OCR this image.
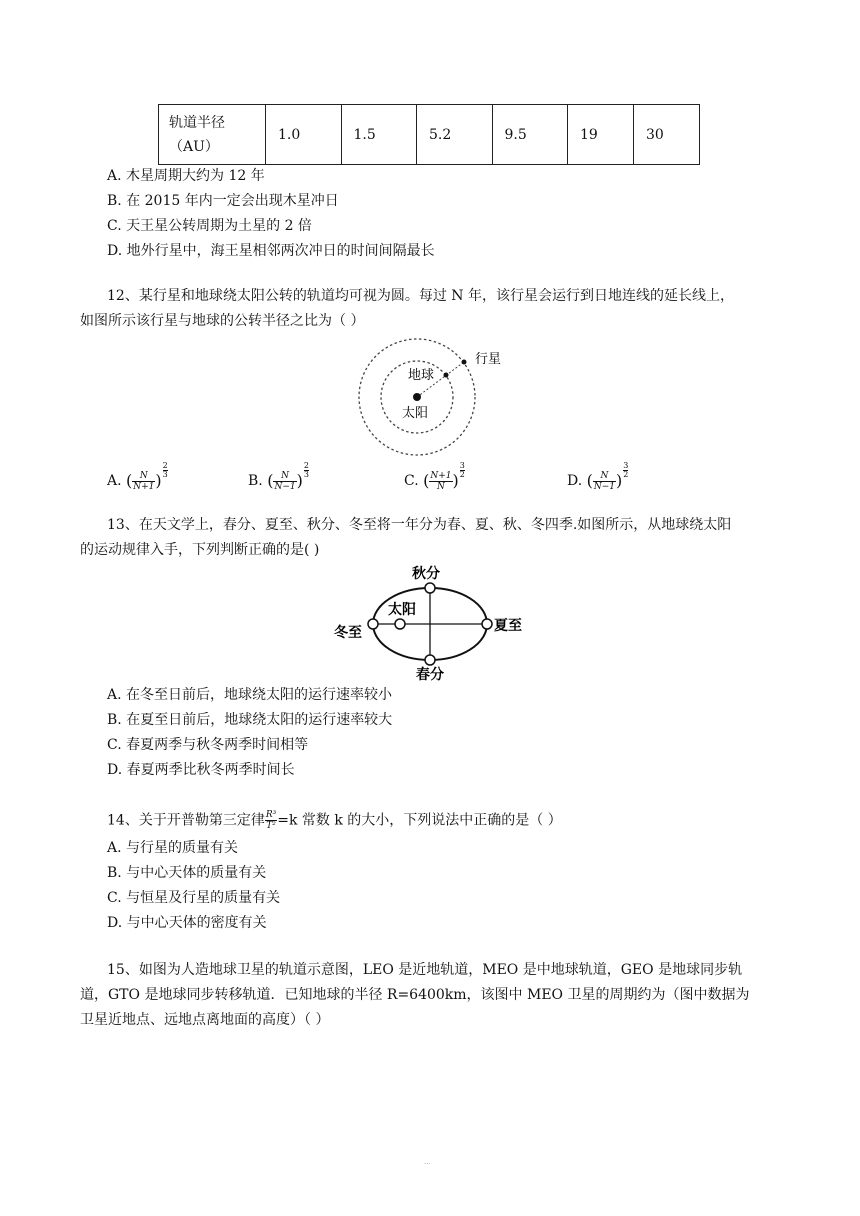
轨道半径（AU）	1.0	1.5	5.2	9.5	19	30
A. 木星周期大约为 12 年
B. 在 2015 年内一定会出现木星冲日
C. 天王星公转周期为土星的 2 倍
D. 地外行星中，海王星相邻两次冲日的时间间隔最长
12、某行星和地球绕太阳公转的轨道均可视为圆。每过 N 年，该行星会运行到日地连线的延长线上，
如图所示该行星与地球的公转半径之比为（ ）
行星
地球
太阳
A. ( $\frac{N}{N+1}$ )
$\frac{2}{3}$
B. ( $\frac{N}{N-1}$ )
$\frac{2}{3}$
C. ( $\frac{N+1}{N}$ )
$\frac{3}{2}$
D. ( $\frac{N}{N-1}$ )
$\frac{3}{2}$
13、在天文学上，春分、夏至、秋分、冬至将一年分为春、夏、秋、冬四季.如图所示，从地球绕太阳
的运动规律入手，下列判断正确的是( )
秋分
太阳
冬至	夏至
春分
A. 在冬至日前后，地球绕太阳的运行速率较小
B. 在夏至日前后，地球绕太阳的运行速率较大
C. 春夏两季与秋冬两季时间相等
D. 春夏两季比秋冬两季时间长
14、关于开普勒第三定律 $\frac{\text{R³}}{\text{T²}} =k$ 常数 k 的大小，下列说法中正确的是（ ）
A. 与行星的质量有关
B. 与中心天体的质量有关
C. 与恒星及行星的质量有关
D. 与中心天体的密度有关
15、如图为人造地球卫星的轨道示意图，LEO 是近地轨道，MEO 是中地球轨道，GEO 是地球同步轨
道，GTO 是地球同步转移轨道．已知地球的半径 R=6400km，该图中 MEO 卫星的周期约为（图中数据为
卫星近地点、远地点离地面的高度）（ ）
…
